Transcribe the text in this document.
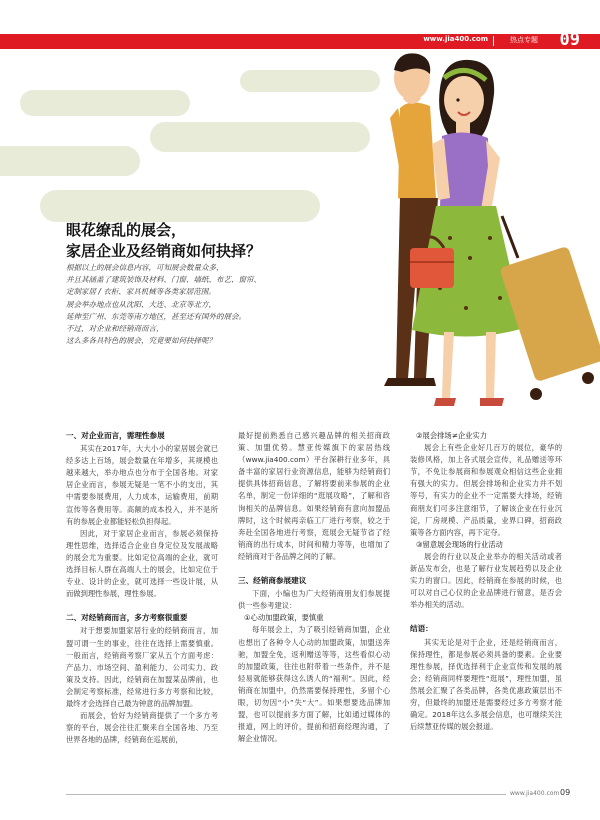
www.jia400.com	热点专题 09
眼花缭乱的展会，
家居企业及经销商如何抉择？

根据以上的展会信息内容，可知展会数量众多，

并且其涵盖了建筑装饰及材料、门窗、墙纸、布艺、窗帘、

定制家居 / 衣柜、家具机械等各类家居范围。

展会举办地点也从沈阳、大连、北京等北方，

延伸至广州、东莞等南方地区，甚至还有国外的展会。

不过，对企业和经销商而言，

这么多各具特色的展会，究竟要如何抉择呢？

一、对企业而言，需理性参展

其实在2017年，大大小小的家居展会就已经多达上百场，展会数量在年增多，其规模也越来越大，举办地点也分布于全国各地。对家居企业而言，参展无疑是一笔不小的支出，其中需要参展费用，人力成本，运输费用，前期宣传等各费用等。高额的成本投入，并不是所有的参展企业都能轻松负担得起。

因此，对于家居企业而言，参展必须保持理性思维，选择适合企业自身定位及发展战略的展会尤为重要。比如定位高端的企业，就可选择目标人群在高端人士的展会，比如定位于专业、设计的企业，就可选择一些设计展，从而做到理性参展，理性参展。

二、对经销商而言，多方考察很重要

对于想要加盟家居行业的经销商而言，加盟可谓一生的事业，往往在选择上需要慎重。一般而言，经销商考察厂家从五个方面考虑：产品力、市场空间、盈利能力、公司实力、政策及支持。因此，经销商在加盟某品牌前，也会制定考察标准，经常进行多方考察和比较，最终才会选择自己最为钟意的品牌加盟。

而展会，恰好为经销商提供了一个多方考察的平台，展会往往汇聚来自全国各地、乃至世界各地的品牌，经销商在巡展前，

最好提前熟悉自己感兴趣品牌的相关招商政策、加盟优势。慧亚传媒旗下的家居热线（www.jia400.com）平台深耕行业多年，具备丰富的家居行业资源信息，能够为经销商们提供具体招商信息，了解将要前来参展的企业名单，制定一份详细的“逛展攻略”，了解和咨询相关的品牌信息。如果经销商有意向加盟品牌时，这个时候再亲临工厂进行考察，较之于奔赴全国各地进行考察，逛展会无疑节省了经销商的出行成本，时间和精力等等，也增加了经销商对于各品牌之间的了解。

三、经销商参展建议

下面，小编也为广大经销商朋友们参展提供一些参考建议：

①心动加盟政策，要慎重

每年展会上，为了吸引经销商加盟，企业也想出了各种令人心动的加盟政策，加盟送奔驰，加盟全免，返利赠送等等，这些看似心动的加盟政策，往往也附带着一些条件，并不是轻易就能够获得这么诱人的“福利”。因此，经销商在加盟中，仍然需要保持理性，多留个心眼，切勿因“小”失“大”。如果想要选品牌加盟，也可以提前多方面了解，比如通过媒体的报道，网上的评价，提前和招商经理沟通，了解企业情况。

②展会排场≠企业实力

展会上有些企业好几百万的展位，豪华的装修风格，加上各式展会宣传，礼品赠送等环节，不免让参展商和参展观众相信这些企业拥有强大的实力。但展会排场和企业实力并不划等号，有实力的企业不一定需要大排场，经销商朋友们可多注意细节，了解该企业在行业沉淀，厂房规模、产品质量，业界口碑，招商政策等各方面内容，再下定夺。

③留意展会现场的行业活动

展会的行业以及企业举办的相关活动或者新品发布会，也是了解行业发展趋势以及企业实力的窗口。因此，经销商在参展的时候，也可以对自己心仪的企业品牌进行留意，是否会举办相关的活动。

结语：

其实无论是对于企业，还是经销商而言，保持理性，都是参展必须具备的要素。企业要理性参展，择优选择利于企业宣传和发展的展会；经销商同样要理性“逛展”，理性加盟，虽然展会汇聚了各类品牌，各类优惠政策层出不穷，但最终的加盟还是需要经过多方考察才能确定。2018年这么多展会信息，也可继续关注后续慧亚传媒的展会报道。

www.jia400.com 09
